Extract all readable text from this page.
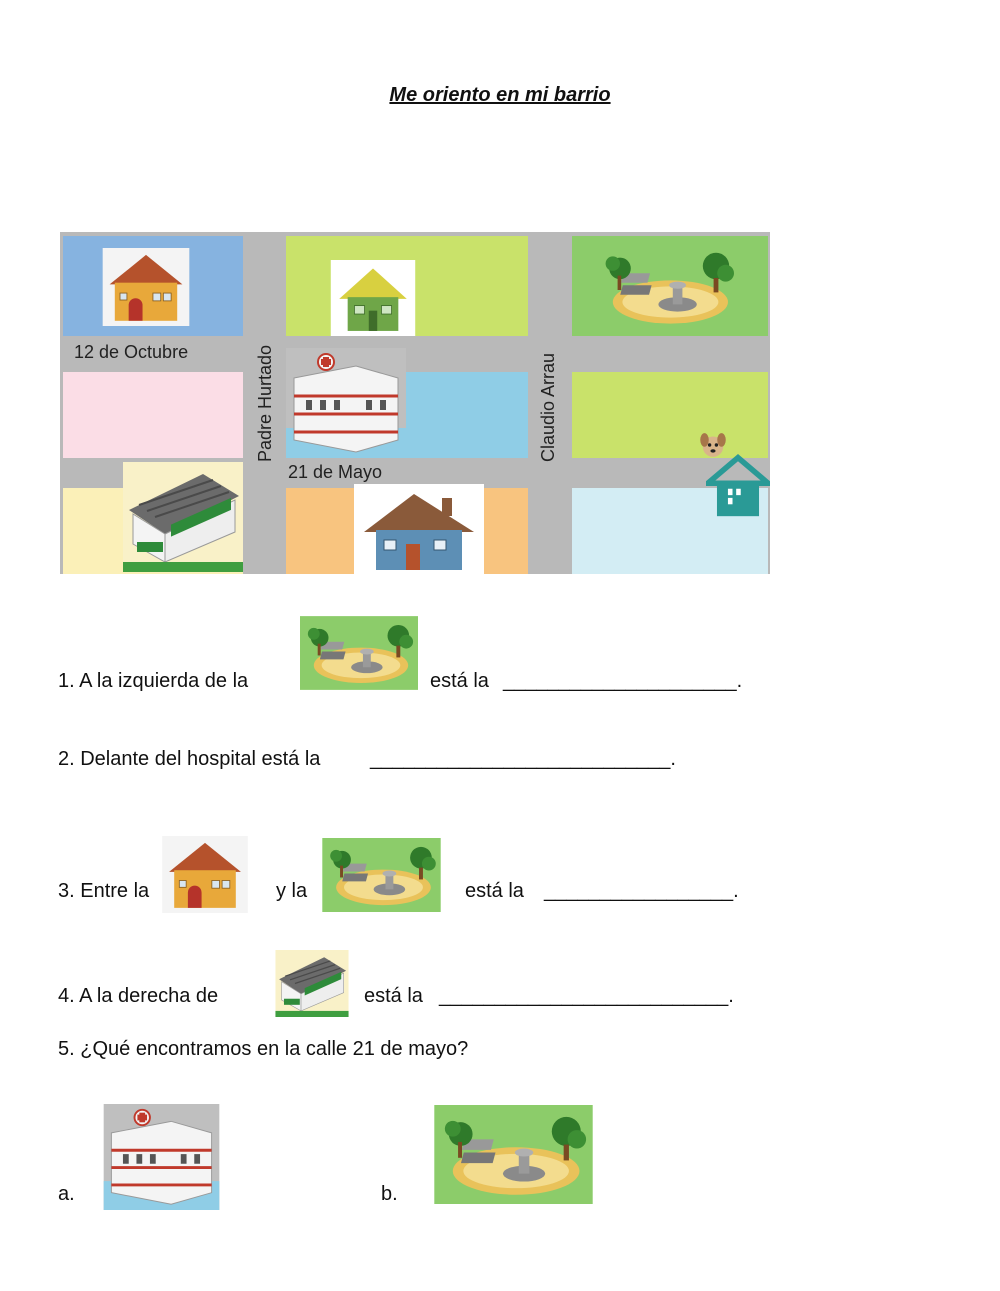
Me oriento en mi barrio
12 de Octubre
21 de Mayo
Padre Hurtado	Claudio Arrau
1. A la izquierda de la	está la _____________________.
2. Delante del hospital está la ___________________________.
3. Entre la	y la	está la _________________.
4. A la derecha de	está la __________________________.
5. ¿Qué encontramos en la calle 21 de mayo?
a.	b.
